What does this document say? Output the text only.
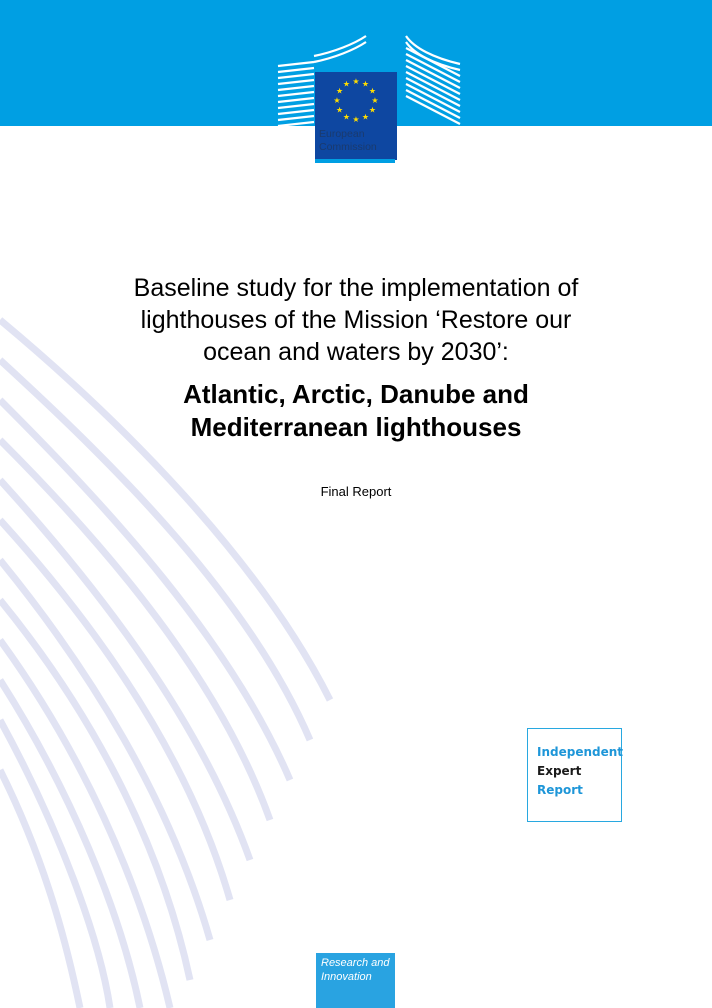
★ ★
★
★
★
★
★
★
★
★
★
★
European
Commission
Baseline study for the implementation of
lighthouses of the Mission ‘Restore our
ocean and waters by 2030’:
Atlantic, Arctic, Danube and
Mediterranean lighthouses
Final Report
Independent
Expert
Report
Research and
Innovation
